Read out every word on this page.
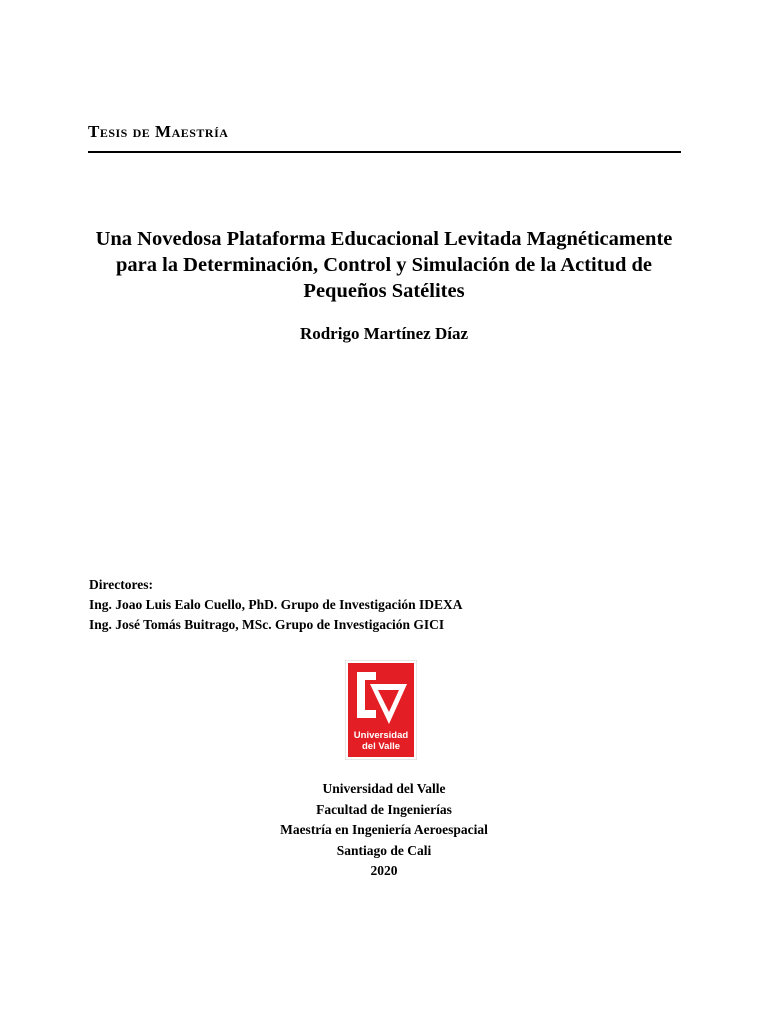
Tesis de Maestría
Una Novedosa Plataforma Educacional Levitada Magnéticamente
para la Determinación, Control y Simulación de la Actitud de
Pequeños Satélites
Rodrigo Martínez Díaz
Directores:
Ing. Joao Luis Ealo Cuello, PhD. Grupo de Investigación IDEXA
Ing. José Tomás Buitrago, MSc. Grupo de Investigación GICI
Universidad
del Valle
Universidad del Valle
Facultad de Ingenierías
Maestría en Ingeniería Aeroespacial
Santiago de Cali
2020
